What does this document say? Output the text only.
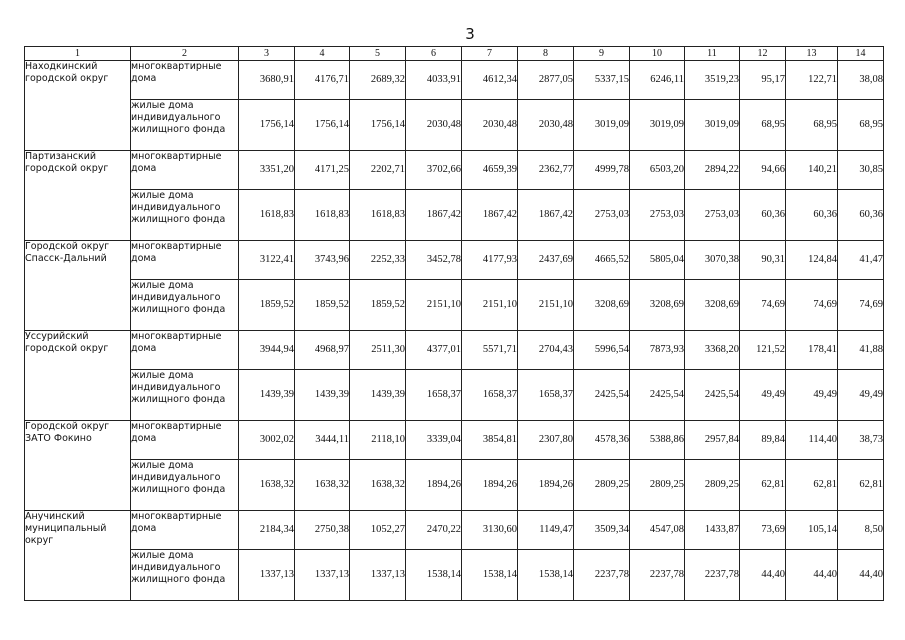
3
1	2	3	4	5	6	7	8	9	10	11	12	13	14
Находкинский городской округ	многоквартирные дома	3680,91	4176,71	2689,32	4033,91	4612,34	2877,05	5337,15	6246,11	3519,23	95,17	122,71	38,08
	жилые дома индивидуального жилищного фонда	1756,14	1756,14	1756,14	2030,48	2030,48	2030,48	3019,09	3019,09	3019,09	68,95	68,95	68,95
Партизанский городской округ	многоквартирные дома	3351,20	4171,25	2202,71	3702,66	4659,39	2362,77	4999,78	6503,20	2894,22	94,66	140,21	30,85
	жилые дома индивидуального жилищного фонда	1618,83	1618,83	1618,83	1867,42	1867,42	1867,42	2753,03	2753,03	2753,03	60,36	60,36	60,36
Городской округ Спасск-Дальний	многоквартирные дома	3122,41	3743,96	2252,33	3452,78	4177,93	2437,69	4665,52	5805,04	3070,38	90,31	124,84	41,47
	жилые дома индивидуального жилищного фонда	1859,52	1859,52	1859,52	2151,10	2151,10	2151,10	3208,69	3208,69	3208,69	74,69	74,69	74,69
Уссурийский городской округ	многоквартирные дома	3944,94	4968,97	2511,30	4377,01	5571,71	2704,43	5996,54	7873,93	3368,20	121,52	178,41	41,88
	жилые дома индивидуального жилищного фонда	1439,39	1439,39	1439,39	1658,37	1658,37	1658,37	2425,54	2425,54	2425,54	49,49	49,49	49,49
Городской округ ЗАТО Фокино	многоквартирные дома	3002,02	3444,11	2118,10	3339,04	3854,81	2307,80	4578,36	5388,86	2957,84	89,84	114,40	38,73
	жилые дома индивидуального жилищного фонда	1638,32	1638,32	1638,32	1894,26	1894,26	1894,26	2809,25	2809,25	2809,25	62,81	62,81	62,81
Анучинский муниципальный округ	многоквартирные дома	2184,34	2750,38	1052,27	2470,22	3130,60	1149,47	3509,34	4547,08	1433,87	73,69	105,14	8,50
	жилые дома индивидуального жилищного фонда	1337,13	1337,13	1337,13	1538,14	1538,14	1538,14	2237,78	2237,78	2237,78	44,40	44,40	44,40
